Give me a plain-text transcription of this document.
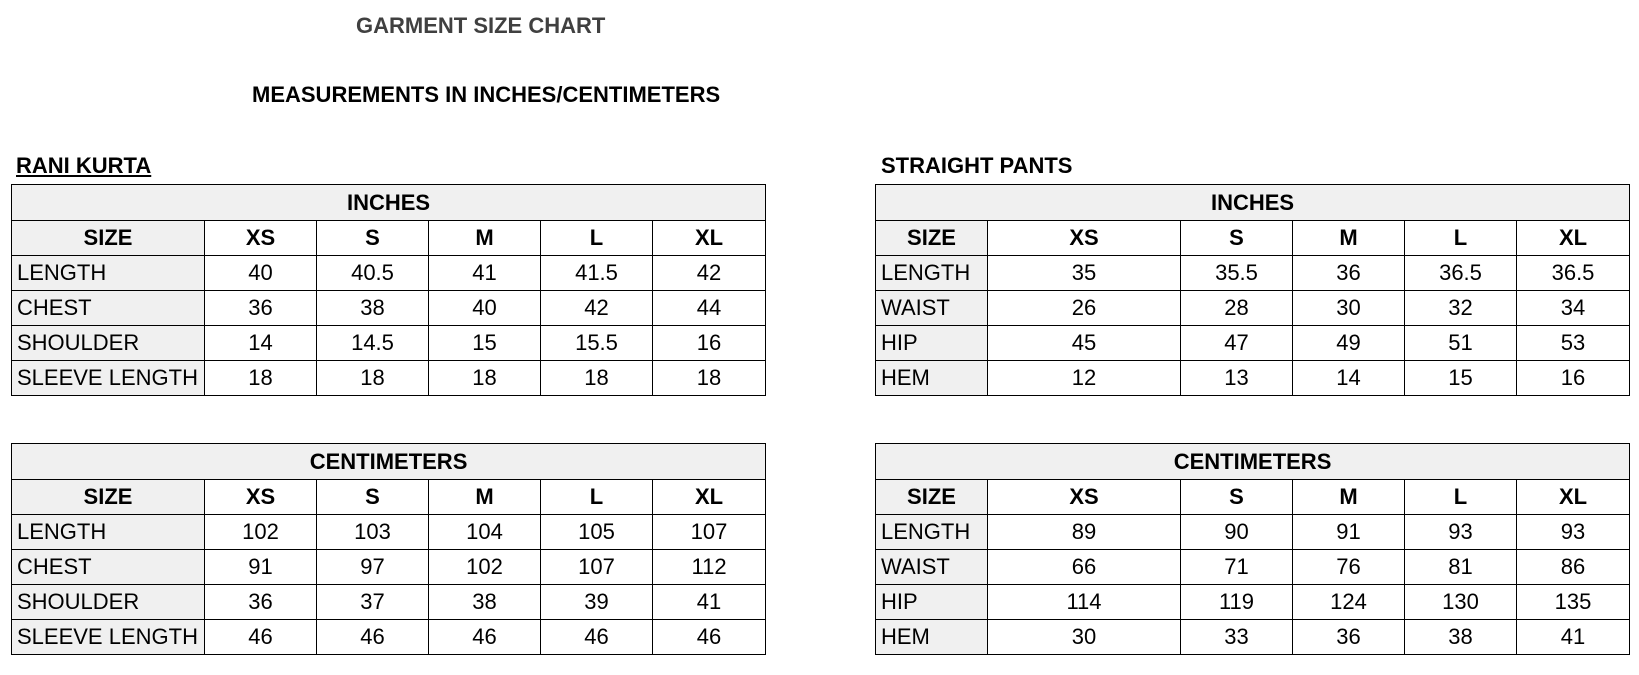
GARMENT SIZE CHART
MEASUREMENTS IN INCHES/CENTIMETERS
RANI KURTA	STRAIGHT PANTS
INCHES					
SIZE	XS	S	M	L	XL
LENGTH	40	40.5	41	41.5	42
CHEST	36	38	40	42	44
SHOULDER	14	14.5	15	15.5	16
SLEEVE LENGTH	18	18	18	18	18
CENTIMETERS					
SIZE	XS	S	M	L	XL
LENGTH	102	103	104	105	107
CHEST	91	97	102	107	112
SHOULDER	36	37	38	39	41
SLEEVE LENGTH	46	46	46	46	46
INCHES					
SIZE	XS	S	M	L	XL
LENGTH	35	35.5	36	36.5	36.5
WAIST	26	28	30	32	34
HIP	45	47	49	51	53
HEM	12	13	14	15	16
CENTIMETERS					
SIZE	XS	S	M	L	XL
LENGTH	89	90	91	93	93
WAIST	66	71	76	81	86
HIP	114	119	124	130	135
HEM	30	33	36	38	41
